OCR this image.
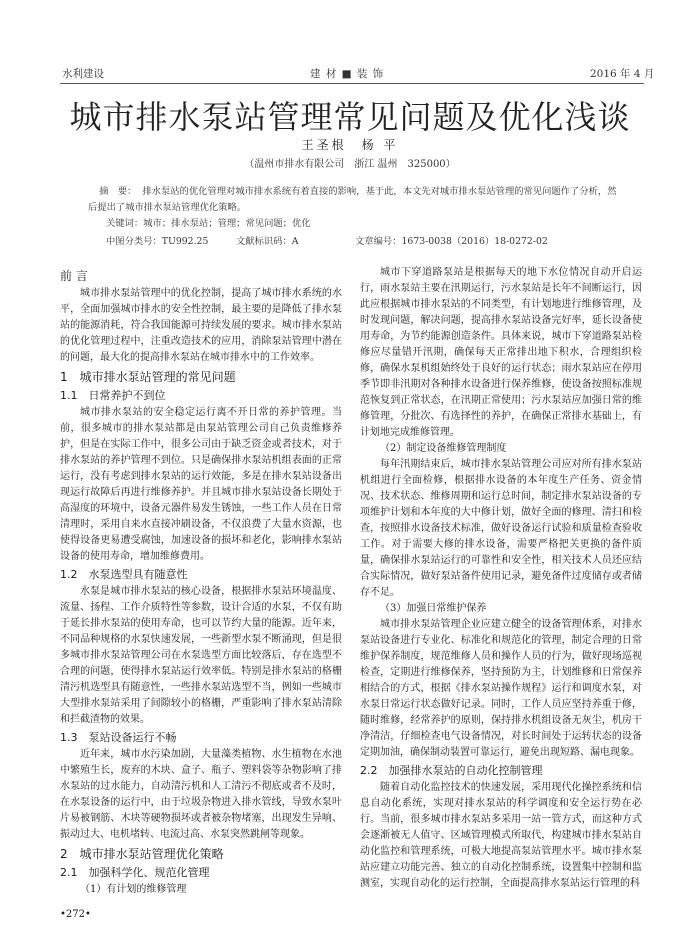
水利建设	建 材 ■ 装 饰	2016 年 4 月
城市排水泵站管理常见问题及优化浅谈
王圣根　杨 平
（温州市排水有限公司　浙江 温州　325000）
摘　要： 排水泵站的优化管理对城市排水系统有着直接的影响，基于此，本文先对城市排水泵站管理的常见问题作了分析，然后提出了城市排水泵站管理优化策略。
关键词：城市；排水泵站；管理；常见问题；优化
中图分类号：TU992.25	文献标识码：A	文章编号：1673-0038（2016）18-0272-02
前 言

城市排水泵站管理中的优化控制，提高了城市排水系统的水平，全面加强城市排水的安全性控制，最主要的是降低了排水泵站的能源消耗，符合我国能源可持续发展的要求。城市排水泵站的优化管理过程中，注重改造技术的应用，消除泵站管理中潜在的问题，最大化的提高排水泵站在城市排水中的工作效率。

1　城市排水泵站管理的常见问题
1.1　日常养护不到位

城市排水泵站的安全稳定运行离不开日常的养护管理。当前，很多城市的排水泵站都是由泵站管理公司自己负责维修养护，但是在实际工作中，很多公司由于缺乏资金或者技术，对于排水泵站的养护管理不到位。只是确保排水泵站机组表面的正常运行，没有考虑到排水泵站的运行效能，多是在排水泵站设备出现运行故障后再进行维修养护。并且城市排水泵站设备长期处于高湿度的环境中，设备元器件易发生锈蚀，一些工作人员在日常清理时，采用自来水直接冲刷设备，不仅浪费了大量水资源，也使得设备更易遭受腐蚀，加速设备的损坏和老化，影响排水泵站设备的使用寿命，增加维修费用。

1.2　水泵选型具有随意性

水泵是城市排水泵站的核心设备，根据排水泵站环境温度、流量、扬程、工作介质特性等参数，设计合适的水泵，不仅有助于延长排水泵站的使用寿命，也可以节约大量的能源。近年来，不同品种规格的水泵快速发展，一些新型水泵不断涌现，但是很多城市排水泵站管理公司在水泵选型方面比较落后，存在选型不合理的问题，使得排水泵站运行效率低。特别是排水泵站的格栅清污机选型具有随意性，一些排水泵站选型不当，例如一些城市大型排水泵站采用了间隙较小的格栅，严重影响了排水泵站清除和拦截渣物的效果。

1.3　泵站设备运行不畅

近年来，城市水污染加剧，大量藻类植物、水生植物在水池中繁殖生长，废弃的木块、盒子、瓶子、塑料袋等杂物影响了排水泵站的过水能力，自动清污机和人工清污不彻底或者不及时，在水泵设备的运行中，由于垃圾杂物进入排水管线，导致水泵叶片易被钢筋、木块等硬物损坏或者被杂物堵塞，出现发生异响、振动过大、电机堵转、电流过高、水泵突然跳闸等现象。

2　城市排水泵站管理优化策略
2.1　加强科学化、规范化管理

（1）有计划的维修管理

城市下穿道路泵站是根据每天的地下水位情况自动开启运行，雨水泵站主要在汛期运行，污水泵站是长年不间断运行，因此应根据城市排水泵站的不同类型，有计划地进行维修管理，及时发现问题，解决问题，提高排水泵站设备完好率，延长设备使用寿命，为节约能源创造条件。具体来说，城市下穿道路泵站检修应尽量错开汛期，确保每天正常排出地下积水，合理组织检修，确保水泵机组始终处于良好的运行状态；雨水泵站应在停用季节即非汛期对各种排水设备进行保养维修，使设备按照标准规范恢复到正常状态，在汛期正常使用；污水泵站应加强日常的维修管理，分批次、有选择性的养护，在确保正常排水基础上，有计划地完成维修管理。

（2）制定设备维修管理制度

每年汛期结束后，城市排水泵站管理公司应对所有排水泵站机组进行全面检修，根据排水设备的本年度生产任务、资金情况、技术状态、维修周期和运行总时间，制定排水泵站设备的专项维护计划和本年度的大中修计划，做好全面的修理、清扫和检查，按照排水设备技术标准，做好设备运行试验和质量检查验收工作。对于需要大修的排水设备，需要严格把关更换的备件质量，确保排水泵站运行的可靠性和安全性，相关技术人员还应结合实际情况，做好泵站备件使用记录，避免备件过度储存或者储存不足。

（3）加强日常维护保养

城市排水泵站管理企业应建立健全的设备管理体系，对排水泵站设备进行专业化、标准化和规范化的管理，制定合理的日常维护保养制度，规范维修人员和操作人员的行为，做好现场巡视检查，定期进行维修保养，坚持预防为主，计划维修和日常保养相结合的方式，根据《排水泵站操作规程》运行和调度水泵，对水泵日常运行状态做好记录。同时，工作人员应坚持养重于修，随时维修，经常养护的原则，保持排水机组设备无灰尘，机房干净清洁，仔细检查电气设备情况，对长时间处于运转状态的设备定期加油，确保制动装置可靠运行，避免出现短路、漏电现象。

2.2　加强排水泵站的自动化控制管理

随着自动化监控技术的快速发展，采用现代化操控系统和信息自动化系统，实现对排水泵站的科学调度和安全运行势在必行。当前，很多城市排水泵站多采用一站一管方式，而这种方式会逐渐被无人值守、区域管理模式所取代，构建城市排水泵站自动化监控和管理系统，可极大地提高泵站管理水平。城市排水泵站应建立功能完善、独立的自动化控制系统，设置集中控制和监测室，实现自动化的运行控制，全面提高排水泵站运行管理的科

•272•
